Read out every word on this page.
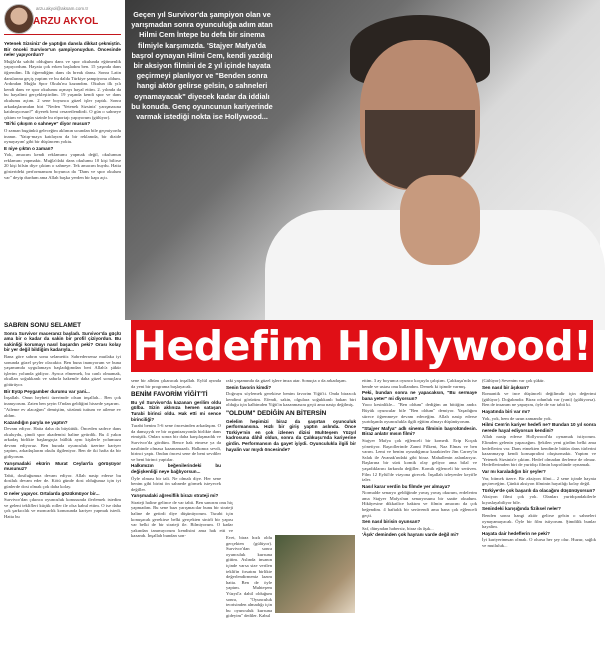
arzu.akyol@aksam.com.tr
ARZU AKYOL

Yetenek Sizsiniz' de yaptığın dansla dikkat çekmiştin. Bir önceki Survivor'un şampiyonuydun. Öncesinde neler yapıyordun?

Muğla'da sahibi olduğum dans ve spor okulunda eğitmenlik yapıyordum. Hayata çok erken başladım ben. 15 yaşında dans öğrendim. İlk öğrendiğim dans da break dansı. Sonra Latin danslarına geçiş yaptım ve bu dalda Türkiye şampiyonu oldum. Ardından Muğla Spor Okulu'nu kazandım. Okulun ilk yılı kendi dans ve spor okulumu açmayı hayal ettim. 2. yılında da bu hayalimi gerçekleştirdim. 19 yaşında kendi spor ve dans okulumu açtım. 2 sene boyunca güzel işler yaptık. Sonra arkadaşlarımdan biri "Neden 'Yetenek Sizsiniz' yarışmasına katılmıyorsun?" diyerek beni cesaretlendirdi. O gün o sahneye çıktım ve bugün sizinle bu röportajı yapıyorum (gülüyor).

"Bi'ki çıkışım o sahneye" diyor musun?

O zaman bugünkü geleceğim aklımın ucundan bile geçmiyordu inanın. 'Yatıp-maya katılayım da bir reklamda, bir dizide oynayayım' gibi bir düşüncem yoktu.

E niye çıktın o zaman?

Yok, amacım kendi reklamımı yapmak değil, okulumun reklamını yapmaktı. Muğla'daki dans okulumu 10 kişi bilirse 20 kişi bilsin diye çıktım o sahneye. Tek amacım buydu. Hatta gösterideki performansım boyunca da "Dans ve spor okulum var" deyip durdum ama Allah başka yerden bir kapı açtı.

Geçen yıl Survivor'da şampiyon olan ve yarışmadan sonra oyunculuğa adım atan Hilmi Cem İntepe bu defa bir sinema filmiyle karşımızda. 'Stajyer Mafya'da başrol oynayan Hilmi Cem, kendi yazdığı bir aksiyon filmini de 2 yıl içinde hayata geçirmeyi planlıyor ve "Benden sonra hangi aktör gelirse gelsin, o sahneleri oynamayacak" diyecek kadar da iddialı bu konuda. Genç oyuncunun kariyerinde varmak istediği nokta ise Hollywood...
Hedefim Hollywood!
SABRIN SONU SELAMET

Sonra Survivor maceranız başladı. Survivor'da güçlü ama bir o kadar da sakin bir profil çiziyordun. Bu sakinliği korumayı nasıl başardın peki? Orası kolay bir yer değil bildiğim kadarıyla...

Bana göre sabrın sonu selamettir. Sabredersenız mutlaka iyi sonunda güzel şeyler olacaktır. Ben buna inanıyorum ve buna yaşamımda uygulamaya başladığımdan beri Allah'a şükür işlerim yolunda gidiyor. Ayrıca elmemek, bu canlı olmamak, okulları soğukkanlı ve sabırla hakemle daha güzel sonuçlara götürüyor.

Bir Eyüp Peygamber durumu var yani...

İnşallah. Onun heybeti üzerimde olsun inşallah... Ben çok inanıyorum. Zaten ben şeyin O'ndan geldiğini hissede yaşarım.

"Aileme ev alacağım" demiştim, sözümü tuttum ve aileme ev aldım.

Kazandığın paryla ne yaptın?

Devam ediyor. Hatta daha da büyüttük. Önceden sadece dans okuluydu, şimdi spor akademisi haline getirdik. Bu 4 yakın arkadaş birlikte başlangıçta büllük aynı kişilerle yolumuza devam ediyoruz. Ben burada oyunculuk üzerine kariyer yaptım, arkadaşlarım okulu ilgileniyor. Ben de iki hafta da bir gidiyorum.

Yarışmadaki ekürin Murat Ceylan'la görüşüyor musunuz?

Tabii, dostluğumuz devam ediyor. Allah nasip ederse bu dostluk devam eder de. Kötü günde dost olduğunuz için iyi günlerde dost olmak çok daha kolay.

O neler yapıyor. Ortalarda gözükmüyor bir...

Survivor'dan çıkınca oyunculuk konusunda ilerlemek istedim ve geleni teklifleri küçük roller ile olsa kabul ettim. O ise daha çok şarkıcılık ve moncarlık konusunda kariyer yapmak istedi. Hatta bu

sene bir albüm çıkaracak inşallah. Eylül ayında da yeni bir programa başlayacak.

BENİM FAVORİM YİĞİT'Tİ

Bu yıl Survivor'da kazanan gerilim oldu gülba. Sizin aklınıza hemen sataşan Turabi birinci oldu. Hak etti mi sence birinciliği?

Turabi benim 5-6 sene öncesinden arkadaşım. O da dansçıydı ve bir organizasyonda birlikte dans etmiştik. Onları sonra bir daha karşılaşmadık ve Survivor'da gördüm. Bence hak etmese ya da nasibinde olmasa kazanamazdı. Halkımız sevdi, birinci yaptı. Ondan öncesi sene de beni sevdiler ve beni birinci yaptılar.

Halkımızın beğenilerindeki bu değişkenliği neye bağlıyorsun...

Öyle olması bir tali. Ne olmalı diye. Her sene benim gibi birini ön sahnede görmek isteyecek değiller.

Yarışmadaki ağresiflik birazı strateji mi?

Strateji haline gelince de var tabii. Ben sanırım onu hiç yapmadım. Bu sene bazı yarışmacılar bunu bir strateji haline de getirdi diye düşünüyorum. Turabi için konuşacak gerekirse belki gerçekten sinirli bir yapısı var belki de bir strateji ile. Bilmiyorum. O kadar yakından tanımıyorum kendisini ama hak etti ve kazandı. İnşallah bundan son-

raki yaşamında da güzel işlere imza atar. Sonuçta o da arkadaşım.

Senin favorin kimdi?

Doğruyu söylemek gerekirse benim favorim Yiğit'ti. Onda birazcık kendimi görürüm. Efendi, sakin, olgulara soğukkanlı bakan biri olduğu için kalbimden Yiğit'in kazanmasını geçti ama nasip değilmiş.

"OLDUM" DEDİĞİN AN BİTERSİN

Gelelim hepimizi biraz da şaşırtan oyunculuk performansına. Hızlı bir giriş yaptın aslında. Önce Türkiye'nin en çok izlenen dizisi Muhteşem Yüzyıl kadrosuna dâhil oldun, sonra da Çalıkuşu'nda kariyerine girdin. Performansın da gayet iyiydi. Oyunculukla ilgili bir hayalin var mıydı öncesinde?

Evet, biraz hızlı oldu gerçekten (gülüyor). Survivor'dan sonra oyunculuk kursuna gittim. Aslında insanın içinde varsa size verilen teklifin fırsatını birlikte değerlendirmeniz lazım hatta. Ben de öyle yaptım. Muhteşem Yüzyıl'a dahil olduğum sonra, "Oyunculuk teorisinden almadığı için bu oyunculuk kursuna gideyim" dediler. Kabul

ettim. 3 ay boyunca oyunco koçuyla çalıştım. Çalıkuşu'nda ise bende ve ustası onu kullandım. Demek ki işimde varmış.

Peki, bundan sonra ne yapacaksın, "Bu sermaye bana yeter" mi diyorsun?

Yooo kesinlikle... "Ben oldum" dediğim an bittiğim andır. Büyük oyuncular bile "Ben oldum" demiyor. Yaşadığım sürece öğrenmeye devam edeceğim. Allah nasip ederse yurtdışında oyunculukla ilgili eğitim almayı düşünüyorum.

"Stajyer Mafya" adlı sinema filminin başrolündesin. Biraz anlatır mısın filmi?

Stajyer Mafya çok eğlenceli bir komedi. Erip Koçak yönetiyor. Başrollerinde Zanni Filkent, Naz Elmas ve ben varım. Lemi ve benim oynadığımız karakterler Jim Carrey'in Salak ile Avanak'ındaki gibi biraz. Mahallenin aslanlarıyız. Başlarına bir sürü komik olay geliyor ama bilal ve yaşadıklarını farkında değiller. Komik eğlenceli bir serüven. Film 12 Eylül'de vizyona girecek. İnşallah izleyenler keyifle izler.

Nasıl karar verdin bu filmde yer almaya?

Normalde senaryo geldiğinde yavaş yavaş okurum, erdelerim ama Stajyer Mafya'nın senaryosunu bir saatte okudum. Hikâyesine dikkatlice baktım ve filmin amacını da çok beğendim. 4 haftalık bir serüvendi ama bana çok eğlenceli geçti.

Sen nasıl birisin oyunsan?

Saf, dünyadan habersiz, biraz da âşık...

'Âşık' deminden çok hayranı varde değil mi?

(Gülüyor) Sevenim var çok şükür.

Sen nasıl bir âşıksın?

Romantik ve ince düşünceli değilimdir için değerimi (gülüyor). Doğalımdır. Biraz odunluk var (yani) (gülüyorsa). Ben de insanım ne yapayım, öyle de var tabii ki.

Hayatında biri var mı?

Yok, yok, hem de uzun zamandır yok.

Hilmi Cem'in kariyer hedefi ne? Bundan 10 yıl sonra nerede hayal ediyorsun kendini?

Allah nasip ederse Hollywood'da oynamak istiyorum. Elimden gelenin yapacağım. Şekilen yeni girdim belki ama hedeflerim var. Dans etmekten kendimle bütün dans türlerini kazanmayıp kendi konsapralini oluşturmaktı. Yaptım ve 'Yetenek Sizsiniz'e çıktım. Hedef olmadan ilerleme de olmaz. Hedeflerimden biri de yurtdışı filmin başrolünde oynamak.

Var mı karaladığın bir şeyler?

Var, bitmek üzere. Bir aksiyon filmi... 2 sene içinde hayata geçireceğim. Çünkü aksiyon filminin hayatlığı kolay değil.

Türkiye'de çok başarılı da olacağını düşünüyorsun?

Aksiyon filmi çok yok. Olanları yurtdışındakilerle kıyaslayabiliyor bile.

Senindeki karışığında fiziksel neler?

Benden sonra hangi aktör gelirse gelsin o sahneleri oynayamayacak. Öyle bir film istiyorum. Şimdilik bunlar hayalim.

Hayata dair hedeflerin ne peki?

İyi kariyerinnsan olmak. O olursa her şey olur. Huzur, sağlık ve mutluluk...
